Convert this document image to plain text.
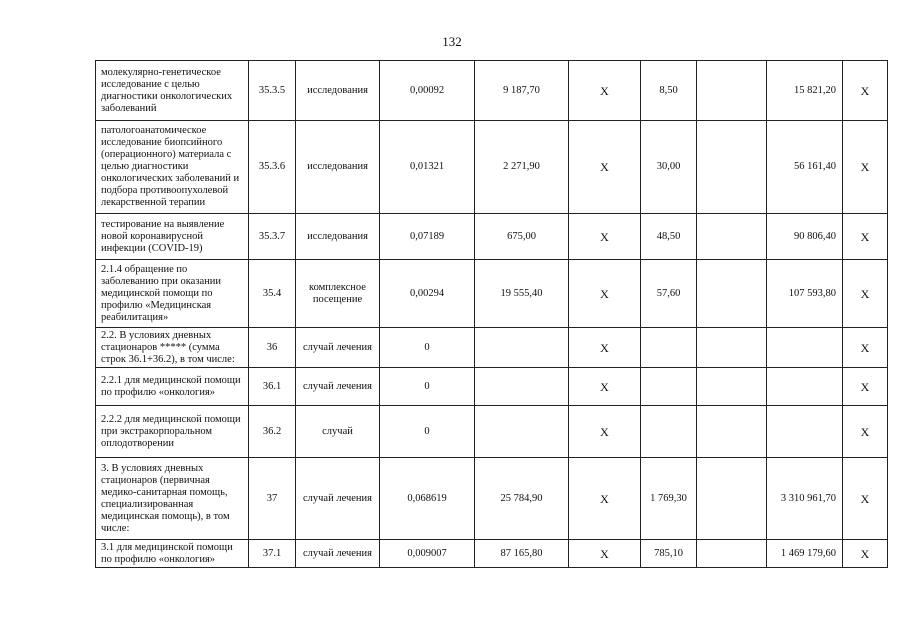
132
молекулярно-генетическое исследование с целью диагностики онкологических заболеваний	35.3.5	исследования	0,00092	9 187,70	X	8,50		15 821,20	X
патологоанатомическое исследование биопсийного (операционного) материала с целью диагностики онкологических заболеваний и подбора противоопухолевой лекарственной терапии	35.3.6	исследования	0,01321	2 271,90	X	30,00		56 161,40	X
тестирование на выявление новой коронавирусной инфекции (COVID-19)	35.3.7	исследования	0,07189	675,00	X	48,50		90 806,40	X
2.1.4 обращение по заболеванию при оказании медицинской помощи по профилю «Медицинская реабилитация»	35.4	комплексное посещение	0,00294	19 555,40	X	57,60		107 593,80	X
2.2. В условиях дневных стационаров ***** (сумма строк 36.1+36.2), в том числе:	36	случай лечения	0		X				X
2.2.1 для медицинской помощи по профилю «онкология»	36.1	случай лечения	0		X				X
2.2.2 для медицинской помощи при экстракорпоральном оплодотворении	36.2	случай	0		X				X
3. В условиях дневных стационаров (первичная медико-санитарная помощь, специализированная медицинская помощь), в том числе:	37	случай лечения	0,068619	25 784,90	X	1 769,30		3 310 961,70	X
3.1 для медицинской помощи по профилю «онкология»	37.1	случай лечения	0,009007	87 165,80	X	785,10		1 469 179,60	X
